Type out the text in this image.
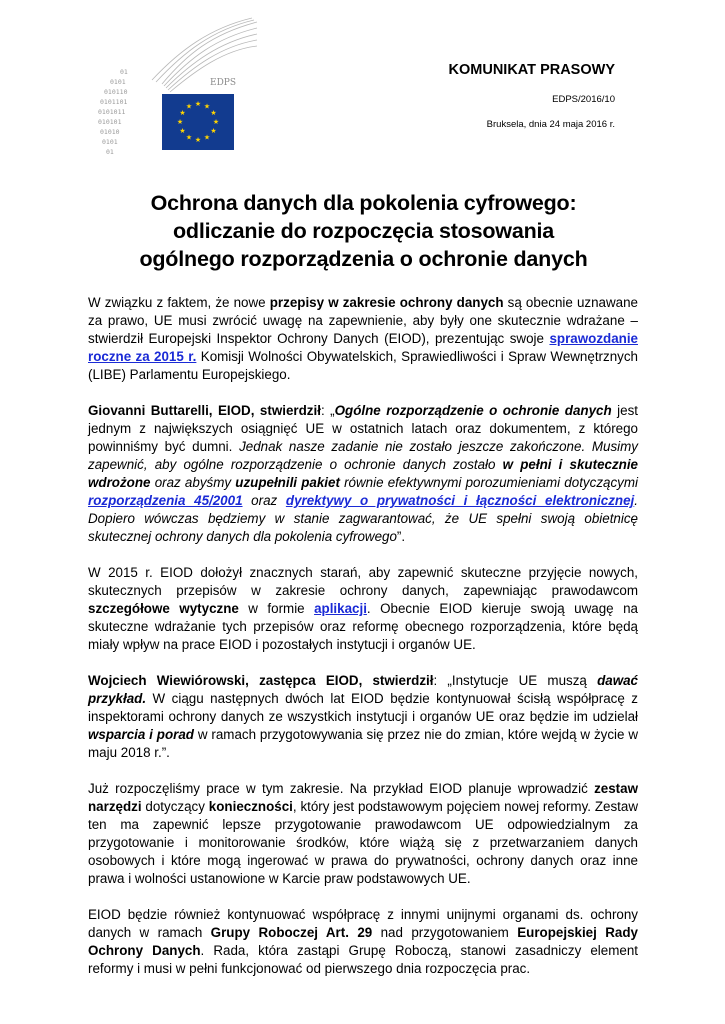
01
0101
010110
0101101
0101011
010101
01010
0101
01
EDPS
★ ★
★
★
★
★
★
★
★
★
★
★
KOMUNIKAT PRASOWY
EDPS/2016/10
Bruksela, dnia 24 maja 2016 r.
Ochrona danych dla pokolenia cyfrowego:
odliczanie do rozpoczęcia stosowania
ogólnego rozporządzenia o ochronie danych

W związku z faktem, że nowe przepisy w zakresie ochrony danych są obecnie uznawane za prawo, UE musi zwrócić uwagę na zapewnienie, aby były one skutecznie wdrażane – stwierdził Europejski Inspektor Ochrony Danych (EIOD), prezentując swoje sprawozdanie roczne za 2015 r. Komisji Wolności Obywatelskich, Sprawiedliwości i Spraw Wewnętrznych (LIBE) Parlamentu Europejskiego.

Giovanni Buttarelli, EIOD, stwierdził: „Ogólne rozporządzenie o ochronie danych jest jednym z największych osiągnięć UE w ostatnich latach oraz dokumentem, z którego powinniśmy być dumni. Jednak nasze zadanie nie zostało jeszcze zakończone. Musimy zapewnić, aby ogólne rozporządzenie o ochronie danych zostało w pełni i skutecznie wdrożone oraz abyśmy uzupełnili pakiet równie efektywnymi porozumieniami dotyczącymi rozporządzenia 45/2001 oraz dyrektywy o prywatności i łączności elektronicznej. Dopiero wówczas będziemy w stanie zagwarantować, że UE spełni swoją obietnicę skutecznej ochrony danych dla pokolenia cyfrowego”.

W 2015 r. EIOD dołożył znacznych starań, aby zapewnić skuteczne przyjęcie nowych, skutecznych przepisów w zakresie ochrony danych, zapewniając prawodawcom szczegółowe wytyczne w formie aplikacji. Obecnie EIOD kieruje swoją uwagę na skuteczne wdrażanie tych przepisów oraz reformę obecnego rozporządzenia, które będą miały wpływ na prace EIOD i pozostałych instytucji i organów UE.

Wojciech Wiewiórowski, zastępca EIOD, stwierdził: „Instytucje UE muszą dawać przykład. W ciągu następnych dwóch lat EIOD będzie kontynuował ścisłą współpracę z inspektorami ochrony danych ze wszystkich instytucji i organów UE oraz będzie im udzielał wsparcia i porad w ramach przygotowywania się przez nie do zmian, które wejdą w życie w maju 2018 r.”.

Już rozpoczęliśmy prace w tym zakresie. Na przykład EIOD planuje wprowadzić zestaw narzędzi dotyczący konieczności, który jest podstawowym pojęciem nowej reformy. Zestaw ten ma zapewnić lepsze przygotowanie prawodawcom UE odpowiedzialnym za przygotowanie i monitorowanie środków, które wiążą się z przetwarzaniem danych osobowych i które mogą ingerować w prawa do prywatności, ochrony danych oraz inne prawa i wolności ustanowione w Karcie praw podstawowych UE.

EIOD będzie również kontynuować współpracę z innymi unijnymi organami ds. ochrony danych w ramach Grupy Roboczej Art. 29 nad przygotowaniem Europejskiej Rady Ochrony Danych. Rada, która zastąpi Grupę Roboczą, stanowi zasadniczy element reformy i musi w pełni funkcjonować od pierwszego dnia rozpoczęcia prac.
